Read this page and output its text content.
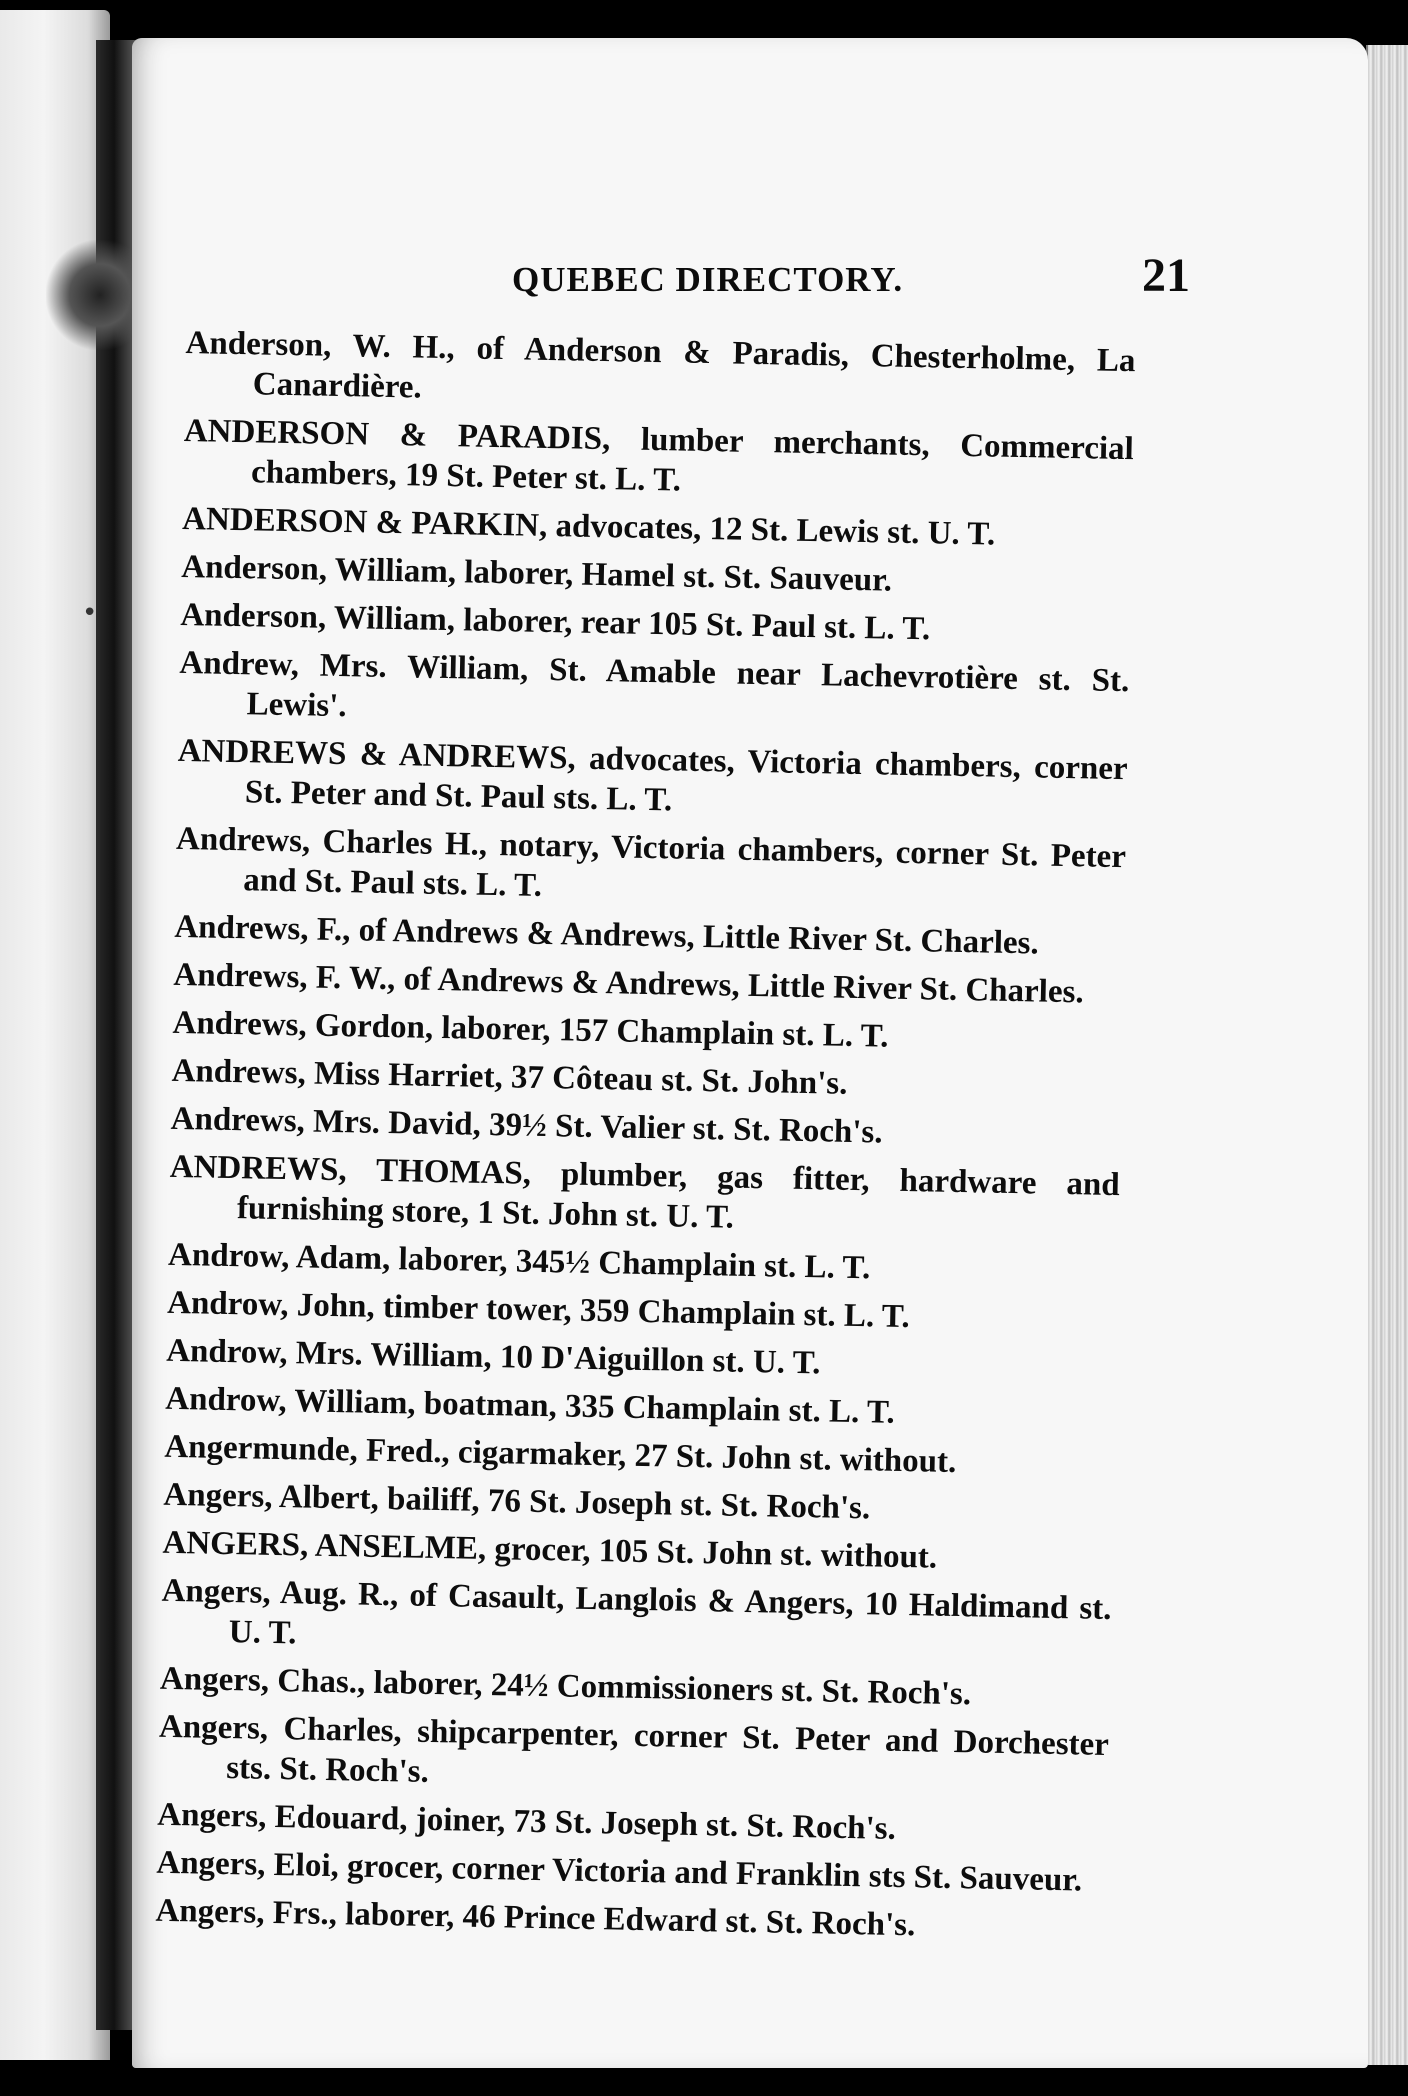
QUEBEC DIRECTORY.	21
Anderson, W. H., of Anderson & Paradis, Chesterholme, La Canardière.
ANDERSON & PARADIS, lumber merchants, Commercial chambers, 19 St. Peter st. L. T.
ANDERSON & PARKIN, advocates, 12 St. Lewis st. U. T.
Anderson, William, laborer, Hamel st. St. Sauveur.
Anderson, William, laborer, rear 105 St. Paul st. L. T.
Andrew, Mrs. William, St. Amable near Lachevrotière st. St. Lewis'.
ANDREWS & ANDREWS, advocates, Victoria chambers, corner St. Peter and St. Paul sts. L. T.
Andrews, Charles H., notary, Victoria chambers, corner St. Peter and St. Paul sts. L. T.
Andrews, F., of Andrews & Andrews, Little River St. Charles.
Andrews, F. W., of Andrews & Andrews, Little River St. Charles.
Andrews, Gordon, laborer, 157 Champlain st. L. T.
Andrews, Miss Harriet, 37 Côteau st. St. John's.
Andrews, Mrs. David, 39½ St. Valier st. St. Roch's.
ANDREWS, THOMAS, plumber, gas fitter, hardware and furnishing store, 1 St. John st. U. T.
Androw, Adam, laborer, 345½ Champlain st. L. T.
Androw, John, timber tower, 359 Champlain st. L. T.
Androw, Mrs. William, 10 D'Aiguillon st. U. T.
Androw, William, boatman, 335 Champlain st. L. T.
Angermunde, Fred., cigarmaker, 27 St. John st. without.
Angers, Albert, bailiff, 76 St. Joseph st. St. Roch's.
ANGERS, ANSELME, grocer, 105 St. John st. without.
Angers, Aug. R., of Casault, Langlois & Angers, 10 Haldimand st. U. T.
Angers, Chas., laborer, 24½ Commissioners st. St. Roch's.
Angers, Charles, shipcarpenter, corner St. Peter and Dorchester sts. St. Roch's.
Angers, Edouard, joiner, 73 St. Joseph st. St. Roch's.
Angers, Eloi, grocer, corner Victoria and Franklin sts St. Sauveur.
Angers, Frs., laborer, 46 Prince Edward st. St. Roch's.
•
